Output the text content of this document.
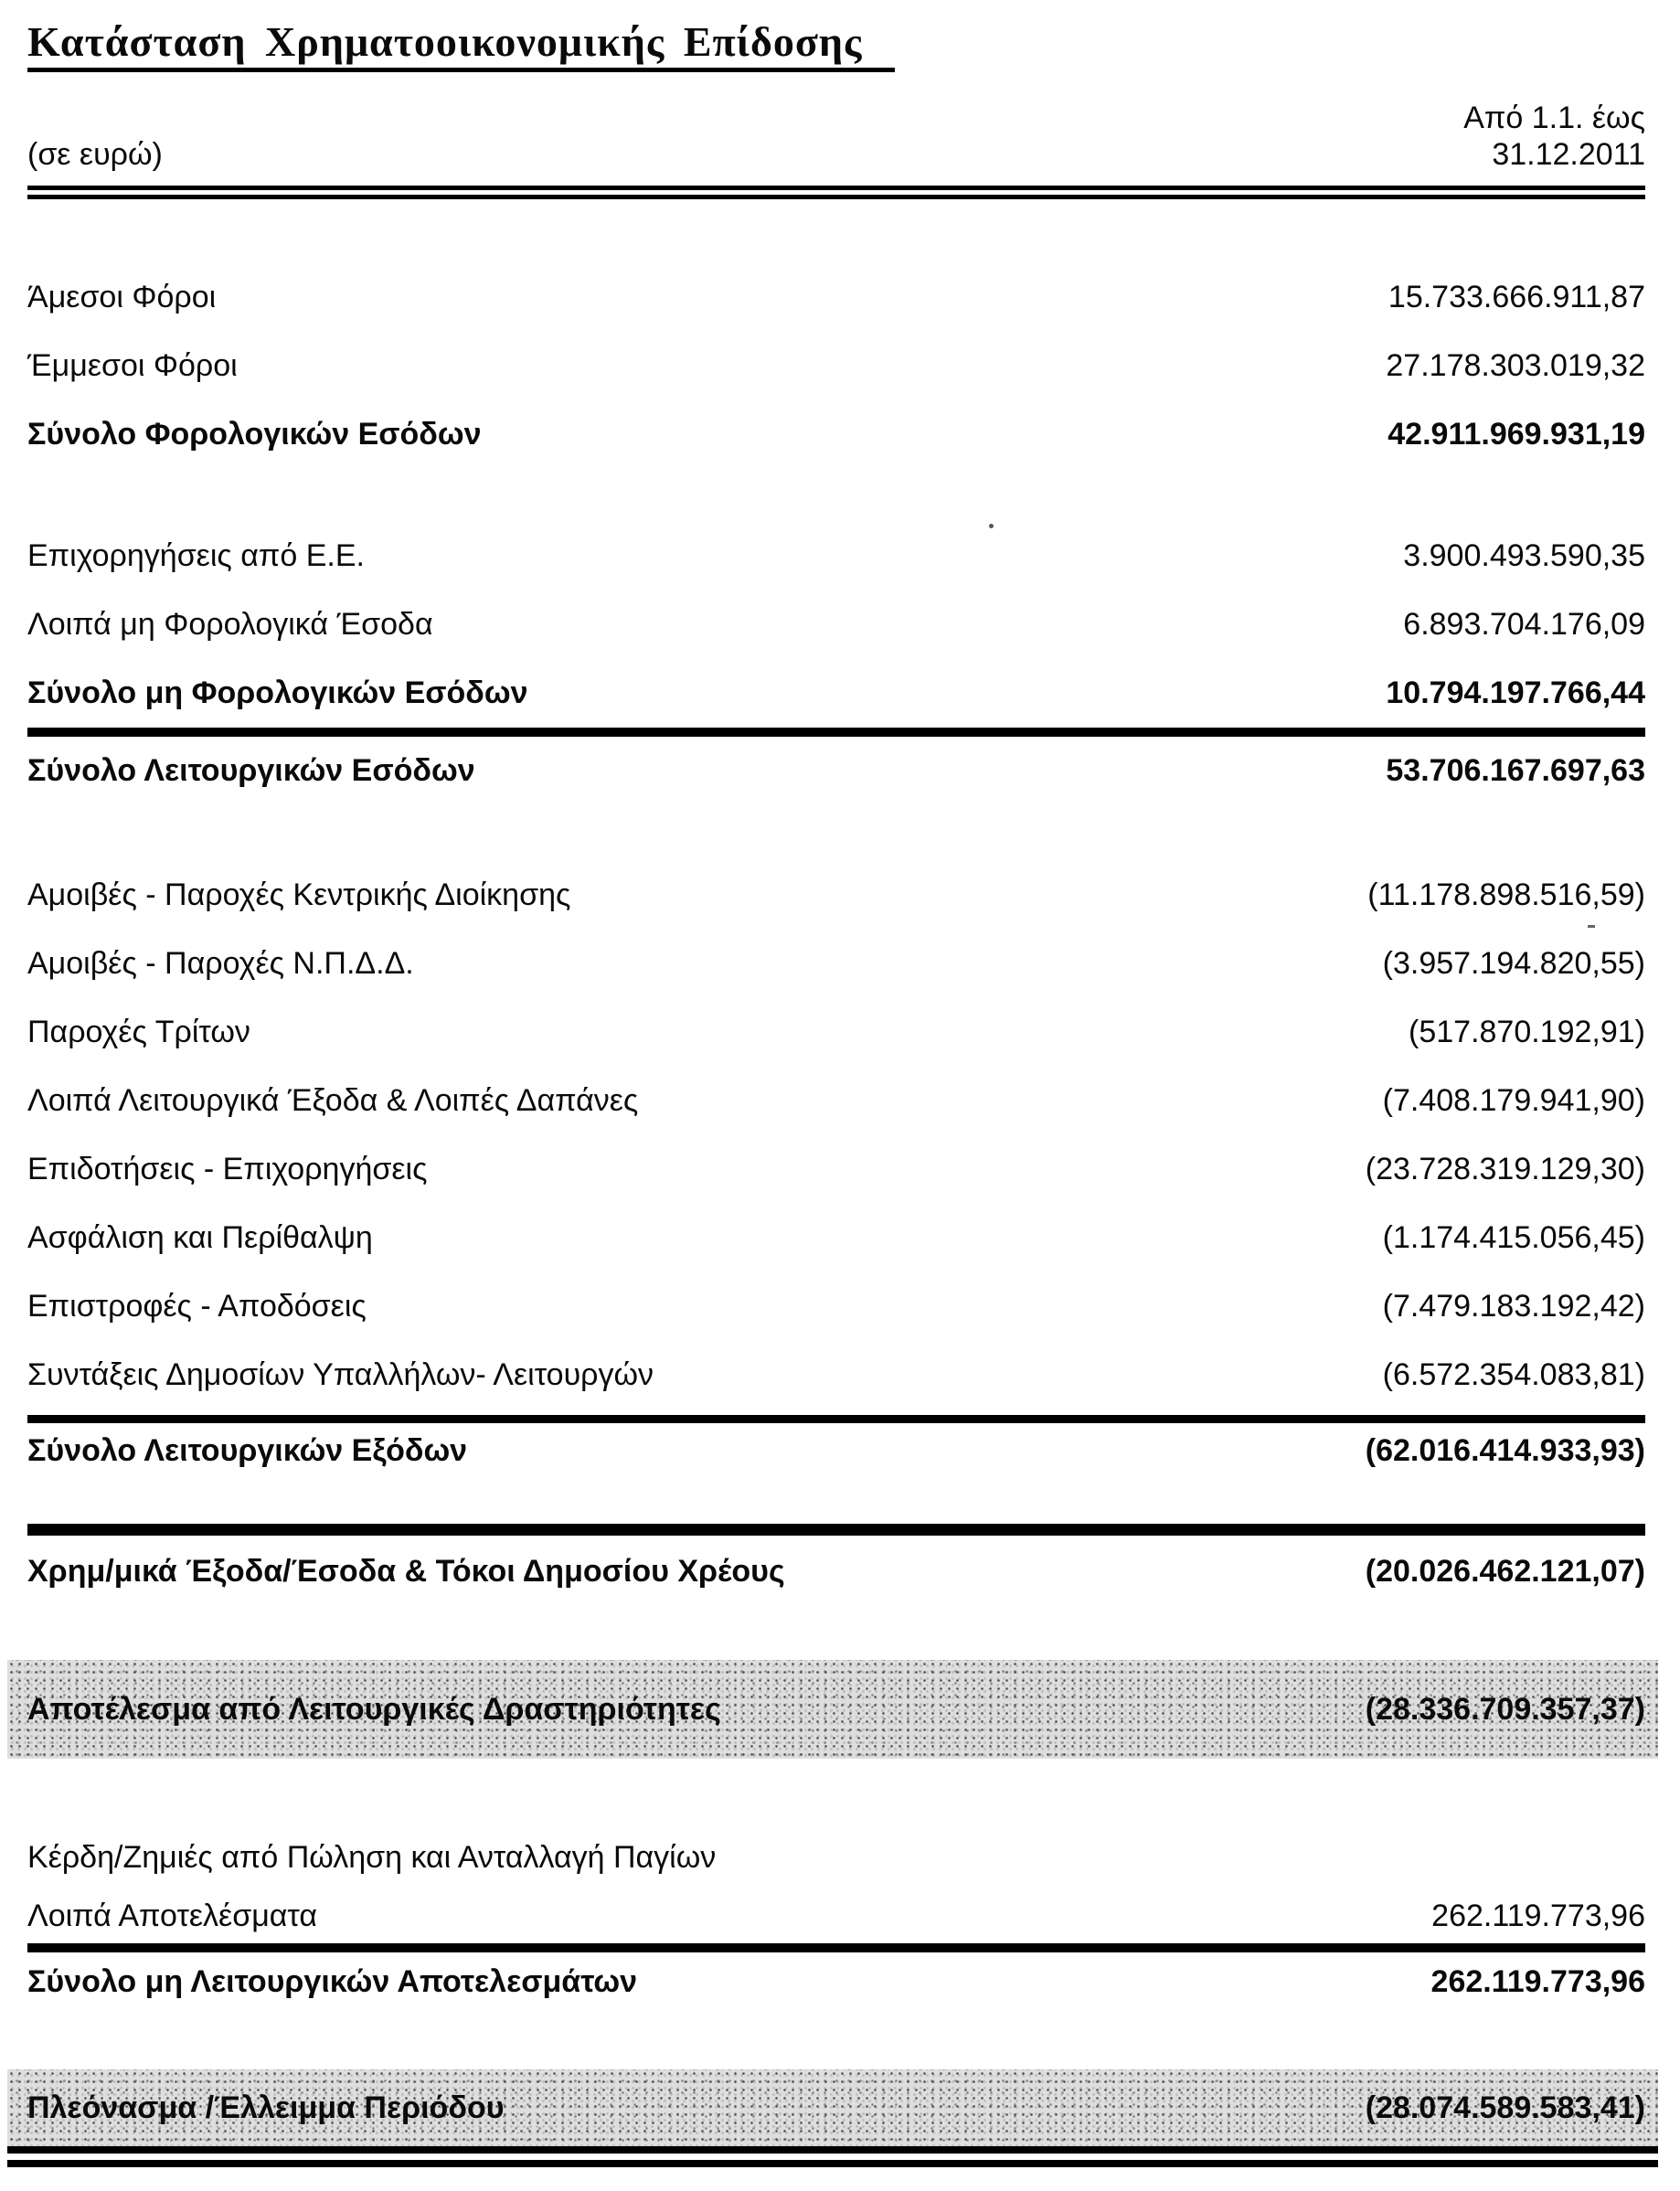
Κατάσταση Χρηματοοικονομικής Επίδοσης
(σε ευρώ)
Από 1.1. έως
31.12.2011
Άμεσοι Φόροι	15.733.666.911,87
Έμμεσοι Φόροι	27.178.303.019,32
Σύνολο Φορολογικών Εσόδων	42.911.969.931,19
Επιχορηγήσεις από Ε.Ε.	3.900.493.590,35
Λοιπά μη Φορολογικά Έσοδα	6.893.704.176,09
Σύνολο μη Φορολογικών Εσόδων	10.794.197.766,44
Σύνολο Λειτουργικών Εσόδων	53.706.167.697,63
Αμοιβές - Παροχές Κεντρικής Διοίκησης	(11.178.898.516,59)
Αμοιβές - Παροχές Ν.Π.Δ.Δ.	(3.957.194.820,55)
Παροχές Τρίτων	(517.870.192,91)
Λοιπά Λειτουργικά Έξοδα & Λοιπές Δαπάνες	(7.408.179.941,90)
Επιδοτήσεις - Επιχορηγήσεις	(23.728.319.129,30)
Ασφάλιση και Περίθαλψη	(1.174.415.056,45)
Επιστροφές - Αποδόσεις	(7.479.183.192,42)
Συντάξεις Δημοσίων Υπαλλήλων- Λειτουργών	(6.572.354.083,81)
Σύνολο Λειτουργικών Εξόδων	(62.016.414.933,93)
Χρημ/μικά Έξοδα/Έσοδα & Τόκοι Δημοσίου Χρέους	(20.026.462.121,07)
Αποτέλεσμα από Λειτουργικές Δραστηριότητες	(28.336.709.357,37)
Κέρδη/Ζημιές από Πώληση και Ανταλλαγή Παγίων
Λοιπά Αποτελέσματα	262.119.773,96
Σύνολο μη Λειτουργικών Αποτελεσμάτων	262.119.773,96
Πλεόνασμα /Έλλειμμα Περιόδου	(28.074.589.583,41)
